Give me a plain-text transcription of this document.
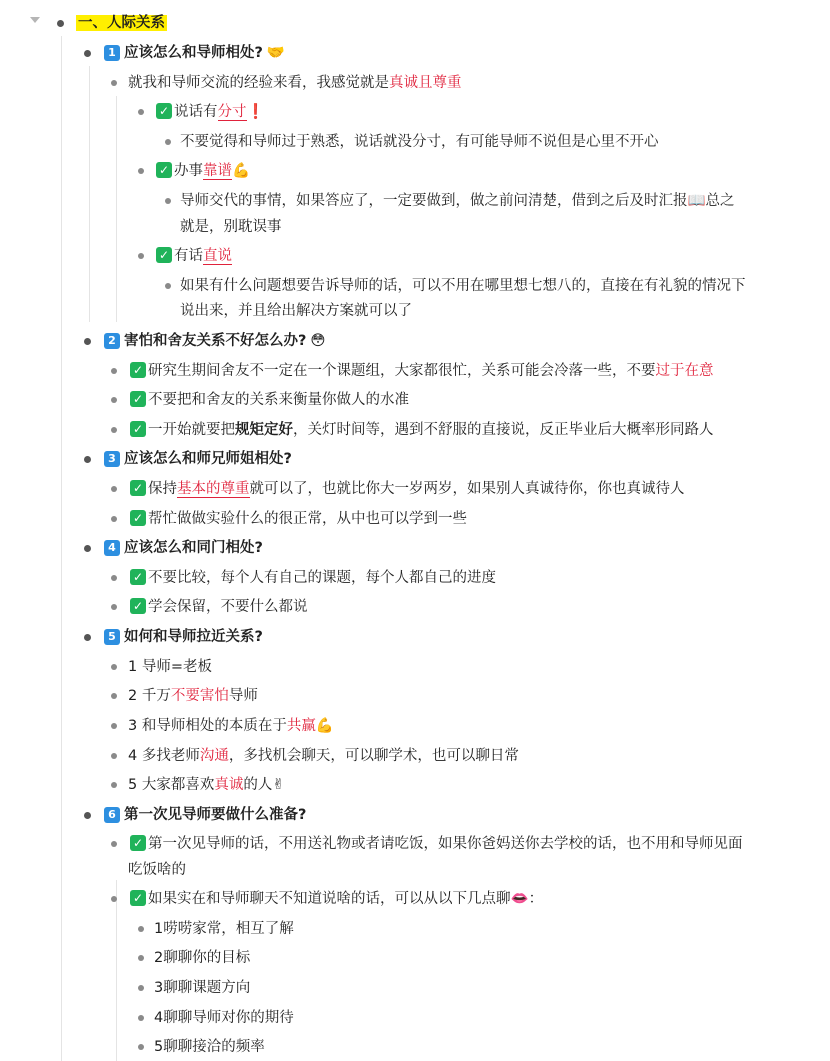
一、人际关系
1 应该怎么和导师相处? 🤝
就我和导师交流的经验来看，我感觉就是真诚且尊重
✓ 说话有分寸❗
不要觉得和导师过于熟悉，说话就没分寸，有可能导师不说但是心里不开心
✓ 办事靠谱💪
导师交代的事情，如果答应了，一定要做到，做之前问清楚，借到之后及时汇报📖总之
就是，别耽误事
✓ 有话直说
如果有什么问题想要告诉导师的话，可以不用在哪里想七想八的，直接在有礼貌的情况下
说出来，并且给出解决方案就可以了
2 害怕和舍友关系不好怎么办? 😳
✓ 研究生期间舍友不一定在一个课题组，大家都很忙，关系可能会冷落一些，不要过于在意
✓ 不要把和舍友的关系来衡量你做人的水准
✓ 一开始就要把规矩定好，关灯时间等，遇到不舒服的直接说，反正毕业后大概率形同路人
3 应该怎么和师兄师姐相处?
✓ 保持基本的尊重就可以了，也就比你大一岁两岁，如果别人真诚待你，你也真诚待人
✓ 帮忙做做实验什么的很正常，从中也可以学到一些
4 应该怎么和同门相处?
✓ 不要比较，每个人有自己的课题，每个人都自己的进度
✓ 学会保留，不要什么都说
5 如何和导师拉近关系?
1 导师=老板
2 千万不要害怕导师
3 和导师相处的本质在于共赢💪
4 多找老师沟通，多找机会聊天，可以聊学术，也可以聊日常
5 大家都喜欢真诚的人✌
6 第一次见导师要做什么准备?
✓ 第一次见导师的话，不用送礼物或者请吃饭，如果你爸妈送你去学校的话，也不用和导师见面
吃饭啥的
✓ 如果实在和导师聊天不知道说啥的话，可以从以下几点聊👄：
1唠唠家常，相互了解
2聊聊你的目标
3聊聊课题方向
4聊聊导师对你的期待
5聊聊接洽的频率
